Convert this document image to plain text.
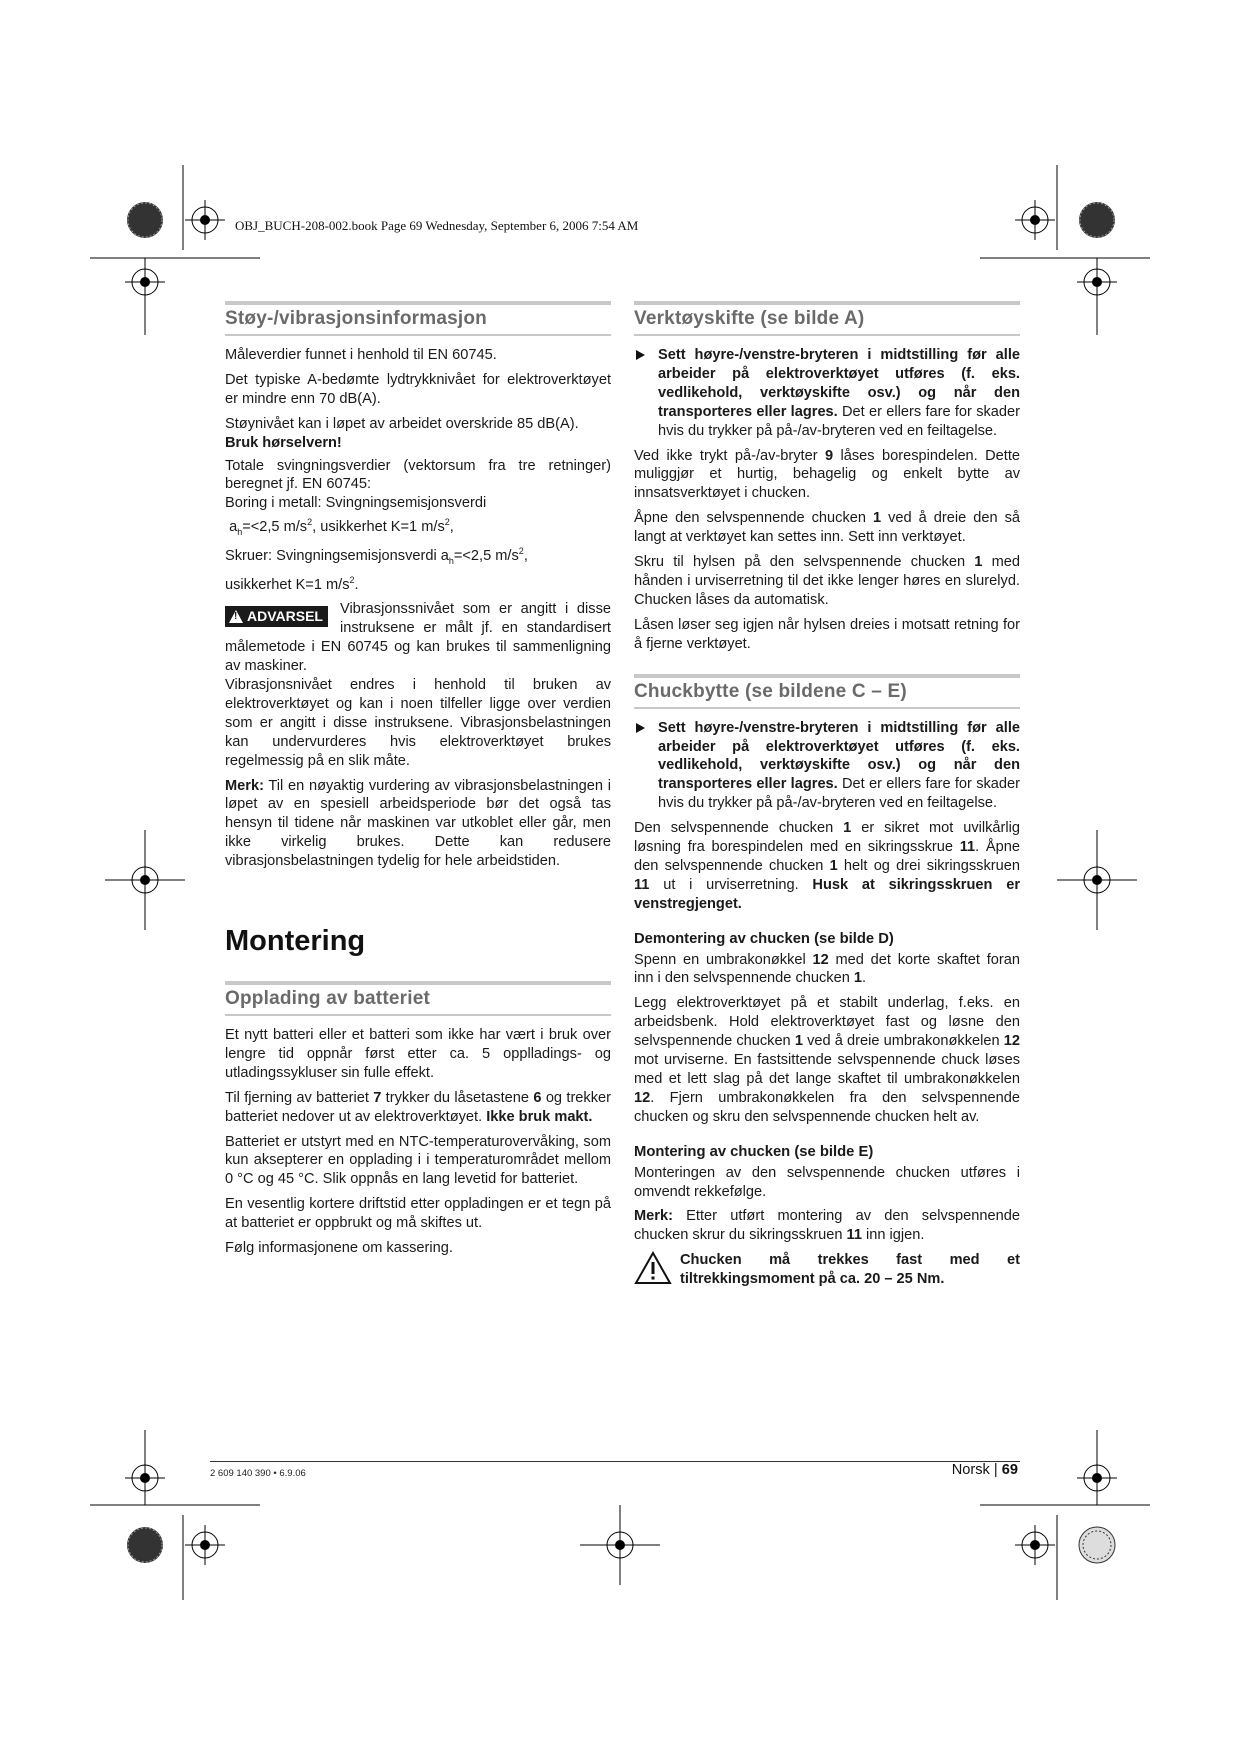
OBJ_BUCH-208-002.book Page 69 Wednesday, September 6, 2006 7:54 AM
Støy-/vibrasjonsinformasjon

Måleverdier funnet i henhold til EN 60745.

Det typiske A-bedømte lydtrykknivået for elektroverktøyet er mindre enn 70 dB(A).

Støynivået kan i løpet av arbeidet overskride 85 dB(A).
Bruk hørselvern!

Totale svingningsverdier (vektorsum fra tre retninger) beregnet jf. EN 60745:
Boring i metall: Svingningsemisjonsverdi
$a_h=<2,5$ $m/s^2$, usikkerhet K=1 $m/s^2$,
Skruer: Svingningsemisjonsverdi $a_h=<2,5$ $m/s^2$,
usikkerhet K=1 $m/s^2$.

! ADVARSEL Vibrasjonssnivået som er angitt i disse instruksene er målt jf. en standardisert målemetode i EN 60745 og kan brukes til sammenligning av maskiner.

Vibrasjonsnivået endres i henhold til bruken av elektroverktøyet og kan i noen tilfeller ligge over verdien som er angitt i disse instruksene. Vibrasjonsbelastningen kan undervurderes hvis elektroverktøyet brukes regelmessig på en slik måte.

Merk: Til en nøyaktig vurdering av vibrasjonsbelastningen i løpet av en spesiell arbeidsperiode bør det også tas hensyn til tidene når maskinen var utkoblet eller går, men ikke virkelig brukes. Dette kan redusere vibrasjonsbelastningen tydelig for hele arbeidstiden.

Montering
Opplading av batteriet

Et nytt batteri eller et batteri som ikke har vært i bruk over lengre tid oppnår først etter ca. 5 opplladings- og utladingssykluser sin fulle effekt.

Til fjerning av batteriet 7 trykker du låsetastene 6 og trekker batteriet nedover ut av elektroverktøyet. Ikke bruk makt.

Batteriet er utstyrt med en NTC-temperaturovervåking, som kun aksepterer en opplading i i temperaturområdet mellom 0 °C og 45 °C. Slik oppnås en lang levetid for batteriet.

En vesentlig kortere driftstid etter oppladingen er et tegn på at batteriet er oppbrukt og må skiftes ut.

Følg informasjonene om kassering.

Verktøyskifte (se bilde A)
Sett høyre-/venstre-bryteren i midtstilling før alle arbeider på elektroverktøyet utføres (f. eks. vedlikehold, verktøyskifte osv.) og når den transporteres eller lagres. Det er ellers fare for skader hvis du trykker på på-/av-bryteren ved en feiltagelse.

Ved ikke trykt på-/av-bryter 9 låses borespindelen. Dette muliggjør et hurtig, behagelig og enkelt bytte av innsatsverktøyet i chucken.

Åpne den selvspennende chucken 1 ved å dreie den så langt at verktøyet kan settes inn. Sett inn verktøyet.

Skru til hylsen på den selvspennende chucken 1 med hånden i urviserretning til det ikke lenger høres en slurelyd. Chucken låses da automatisk.

Låsen løser seg igjen når hylsen dreies i motsatt retning for å fjerne verktøyet.

Chuckbytte (se bildene C – E)
Sett høyre-/venstre-bryteren i midtstilling før alle arbeider på elektroverktøyet utføres (f. eks. vedlikehold, verktøyskifte osv.) og når den transporteres eller lagres. Det er ellers fare for skader hvis du trykker på på-/av-bryteren ved en feiltagelse.

Den selvspennende chucken 1 er sikret mot uvilkårlig løsning fra borespindelen med en sikringsskrue 11. Åpne den selvspennende chucken 1 helt og drei sikringsskruen 11 ut i urviserretning. Husk at sikringsskruen er venstregjenget.

Demontering av chucken (se bilde D)

Spenn en umbrakonøkkel 12 med det korte skaftet foran inn i den selvspennende chucken 1.

Legg elektroverktøyet på et stabilt underlag, f.eks. en arbeidsbenk. Hold elektroverktøyet fast og løsne den selvspennende chucken 1 ved å dreie umbrakonøkkelen 12 mot urviserne. En fastsittende selvspennende chuck løses med et lett slag på det lange skaftet til umbrakonøkkelen 12. Fjern umbrakonøkkelen fra den selvspennende chucken og skru den selvspennende chucken helt av.

Montering av chucken (se bilde E)

Monteringen av den selvspennende chucken utføres i omvendt rekkefølge.

Merk: Etter utført montering av den selvspennende chucken skrur du sikringsskruen 11 inn igjen.

Chucken må trekkes fast med et tiltrekkingsmoment på ca. 20 – 25 Nm.
2 609 140 390 • 6.9.06	Norsk | 69
